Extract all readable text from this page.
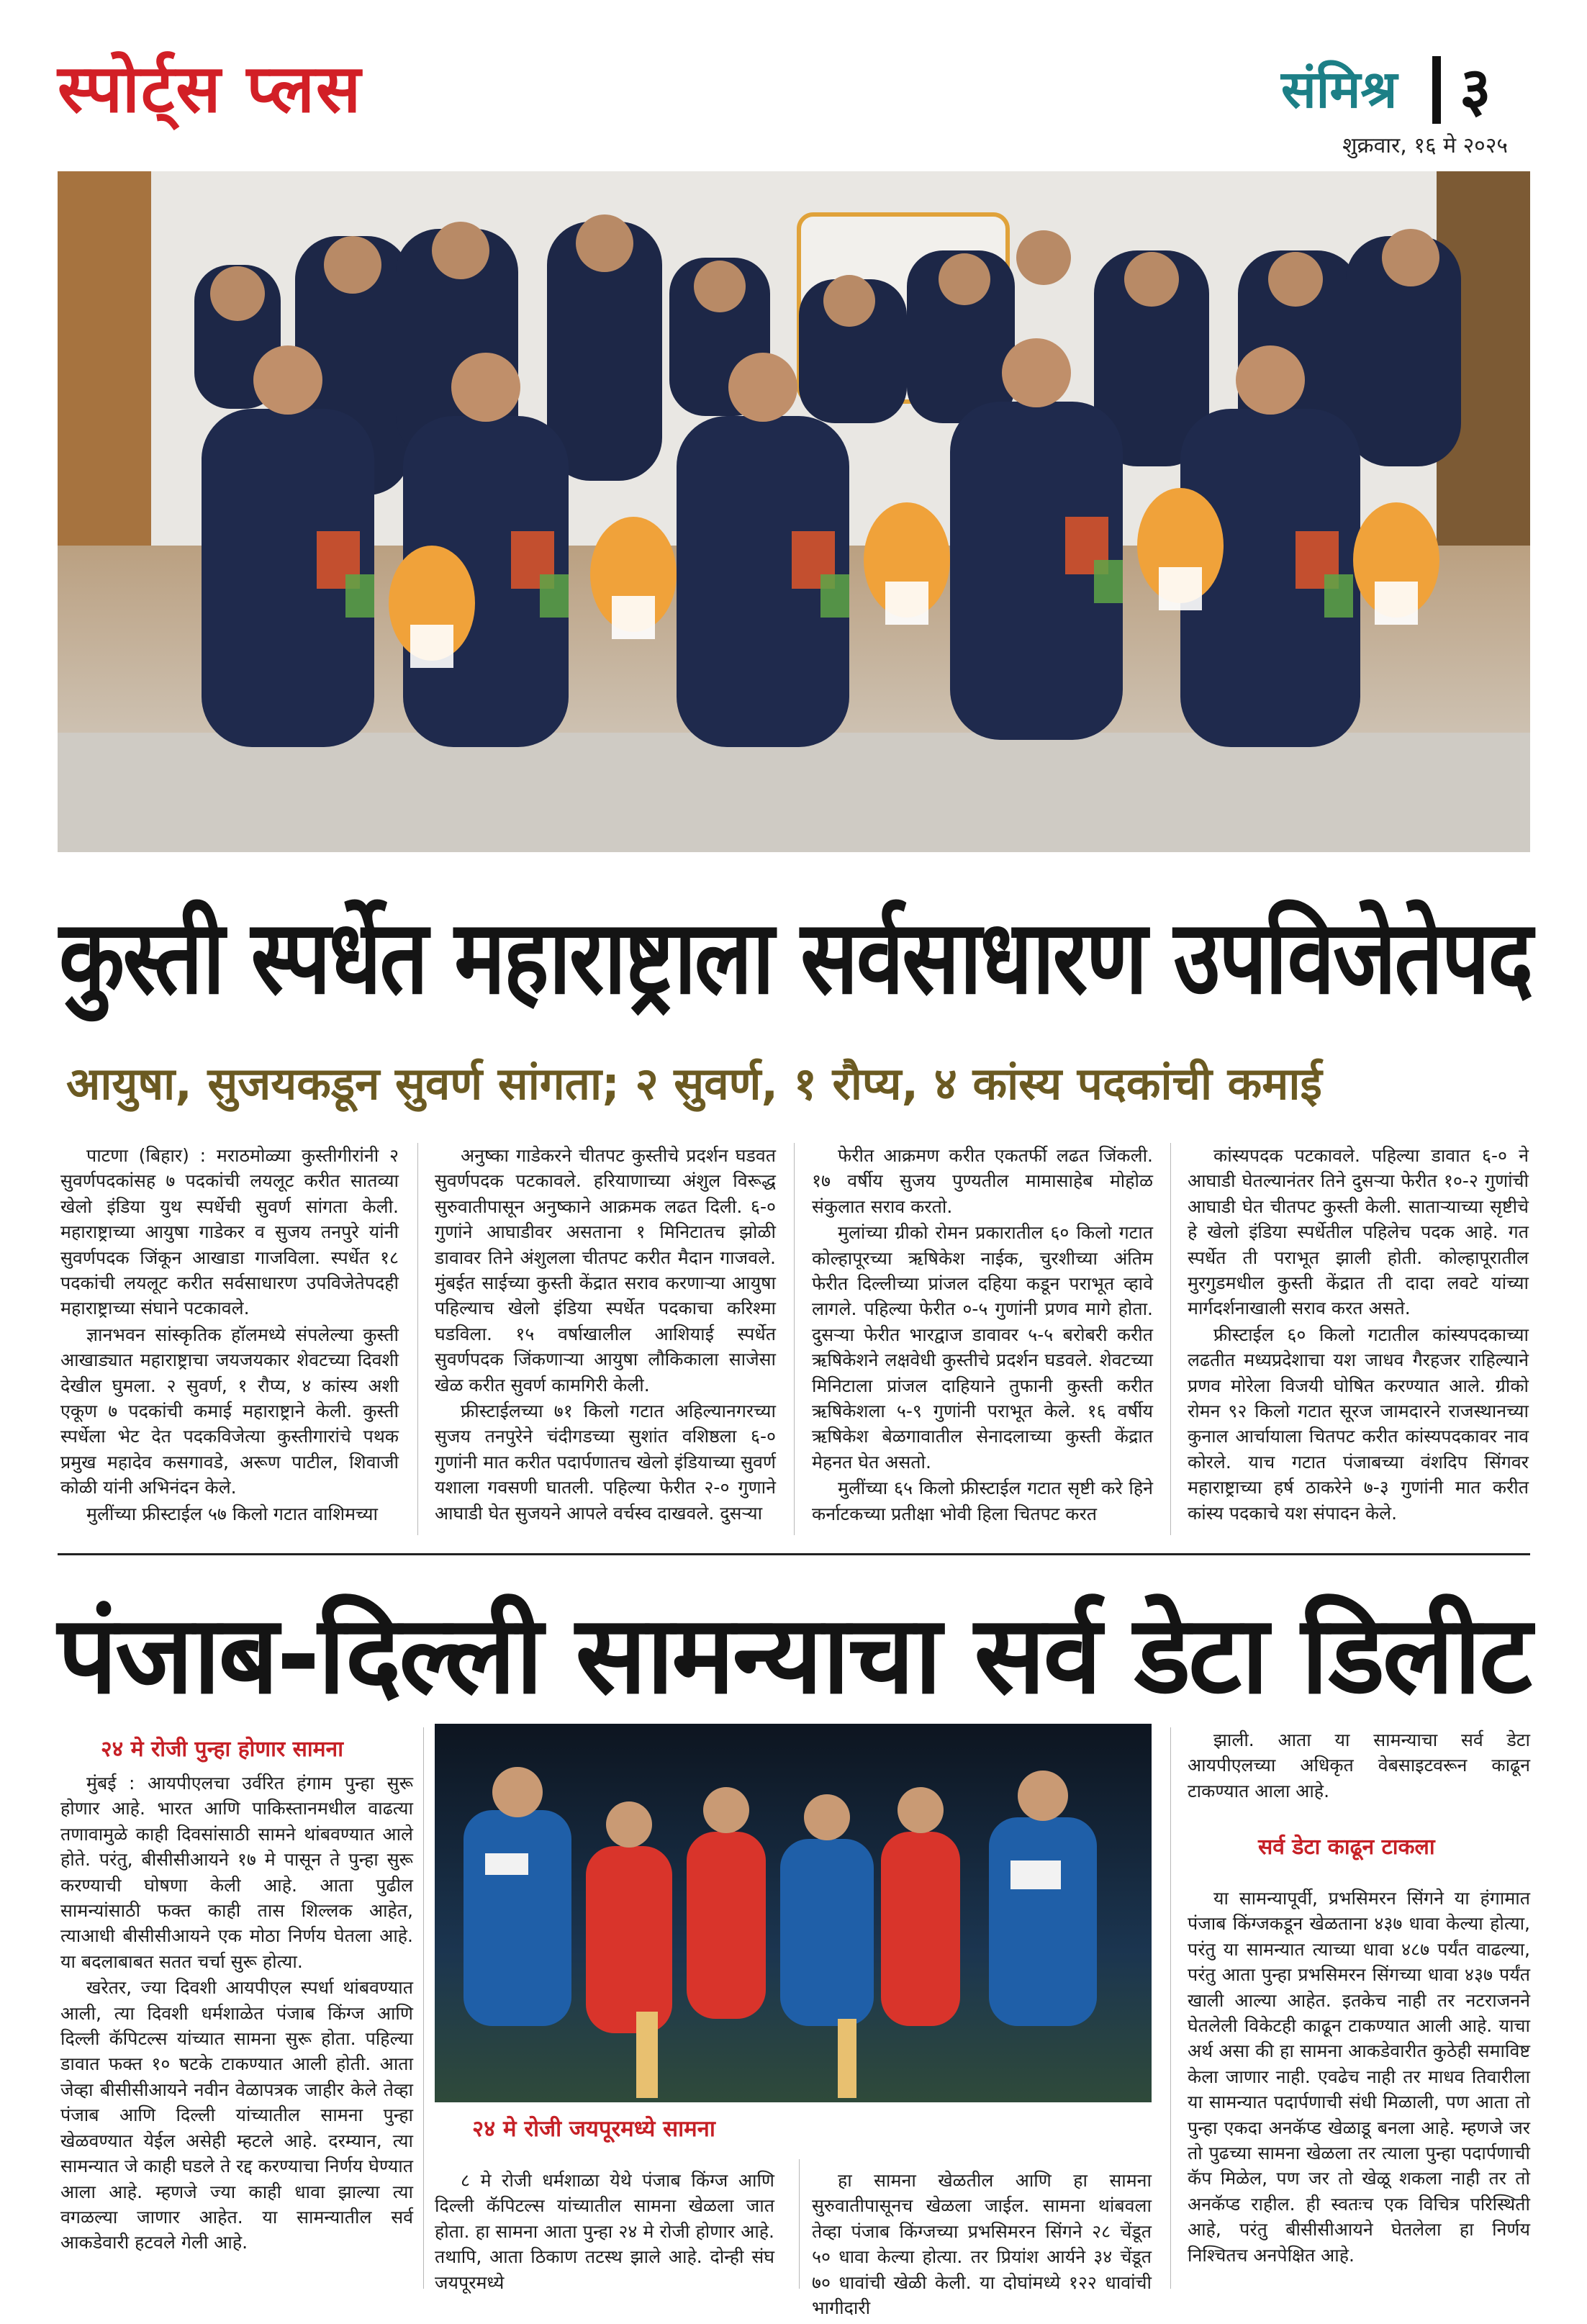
स्पोर्ट्स प्लस	संमिश्र ३
शुक्रवार, १६ मे २०२५
कुस्ती स्पर्धेत महाराष्ट्राला सर्वसाधारण उपविजेतेपद
आयुषा, सुजयकडून सुवर्ण सांगता; २ सुवर्ण, १ रौप्य, ४ कांस्य पदकांची कमाई

पाटणा (बिहार) : मराठमोळ्या कुस्तीगीरांनी २ सुवर्णपदकांसह ७ पदकांची लयलूट करीत सातव्या खेलो इंडिया युथ स्पर्धेची सुवर्ण सांगता केली. महाराष्ट्राच्या आयुषा गाडेकर व सुजय तनपुरे यांनी सुवर्णपदक जिंकून आखाडा गाजविला. स्पर्धेत १८ पदकांची लयलूट करीत सर्वसाधारण उपविजेतेपदही महाराष्ट्राच्या संघाने पटकावले.

ज्ञानभवन सांस्कृतिक हॉलमध्ये संपलेल्या कुस्ती आखाड्यात महाराष्ट्राचा जयजयकार शेवटच्या दिवशी देखील घुमला. २ सुवर्ण, १ रौप्य, ४ कांस्य अशी एकूण ७ पदकांची कमाई महाराष्ट्राने केली. कुस्ती स्पर्धेला भेट देत पदकविजेत्या कुस्तीगारांचे पथक प्रमुख महादेव कसगावडे, अरूण पाटील, शिवाजी कोळी यांनी अभिनंदन केले.

मुलींच्या फ्रीस्टाईल ५७ किलो गटात वाशिमच्या

अनुष्का गाडेकरने चीतपट कुस्तीचे प्रदर्शन घडवत सुवर्णपदक पटकावले. हरियाणाच्या अंशुल विरूद्ध सुरुवातीपासून अनुष्काने आक्रमक लढत दिली. ६-० गुणांने आघाडीवर असताना १ मिनिटातच झोळी डावावर तिने अंशुलला चीतपट करीत मैदान गाजवले. मुंबईत साईच्या कुस्ती केंद्रात सराव करणाऱ्या आयुषा पहिल्याच खेलो इंडिया स्पर्धेत पदकाचा करिश्मा घडविला. १५ वर्षाखालील आशियाई स्पर्धेत सुवर्णपदक जिंकणाऱ्या आयुषा लौकिकाला साजेसा खेळ करीत सुवर्ण कामगिरी केली.

फ्रीस्टाईलच्या ७१ किलो गटात अहिल्यानगरच्या सुजय तनपुरेने चंदीगडच्या सुशांत वशिष्ठला ६-० गुणांनी मात करीत पदार्पणातच खेलो इंडियाच्या सुवर्ण यशाला गवसणी घातली. पहिल्या फेरीत २-० गुणाने आघाडी घेत सुजयने आपले वर्चस्व दाखवले. दुसऱ्या

फेरीत आक्रमण करीत एकतर्फी लढत जिंकली. १७ वर्षीय सुजय पुण्यतील मामासाहेब मोहोळ संकुलात सराव करतो.

मुलांच्या ग्रीको रोमन प्रकारातील ६० किलो गटात कोल्हापूरच्या ऋषिकेश नाईक, चुरशीच्या अंतिम फेरीत दिल्लीच्या प्रांजल दहिया कडून पराभूत व्हावे लागले. पहिल्या फेरीत ०-५ गुणांनी प्रणव मागे होता. दुसऱ्या फेरीत भारद्वाज डावावर ५-५ बरोबरी करीत ऋषिकेशने लक्षवेधी कुस्तीचे प्रदर्शन घडवले. शेवटच्या मिनिटाला प्रांजल दाहियाने तुफानी कुस्ती करीत ऋषिकेशला ५-९ गुणांनी पराभूत केले. १६ वर्षीय ऋषिकेश बेळगावातील सेनादलाच्या कुस्ती केंद्रात मेहनत घेत असतो.

मुलींच्या ६५ किलो फ्रीस्टाईल गटात सृष्टी करे हिने कर्नाटकच्या प्रतीक्षा भोवी हिला चितपट करत

कांस्यपदक पटकावले. पहिल्या डावात ६-० ने आघाडी घेतल्यानंतर तिने दुसऱ्या फेरीत १०-२ गुणांची आघाडी घेत चीतपट कुस्ती केली. साताऱ्याच्या सृष्टीचे हे खेलो इंडिया स्पर्धेतील पहिलेच पदक आहे. गत स्पर्धेत ती पराभूत झाली होती. कोल्हापूरातील मुरगुडमधील कुस्ती केंद्रात ती दादा लवटे यांच्या मार्गदर्शनाखाली सराव करत असते.

फ्रीस्टाईल ६० किलो गटातील कांस्यपदकाच्या लढतीत मध्यप्रदेशाचा यश जाधव गैरहजर राहिल्याने प्रणव मोरेला विजयी घोषित करण्यात आले. ग्रीको रोमन ९२ किलो गटात सूरज जामदारने राजस्थानच्या कुनाल आर्चायाला चितपट करीत कांस्यपदकावर नाव कोरले. याच गटात पंजाबच्या वंशदिप सिंगवर महाराष्ट्राच्या हर्ष ठाकरेने ७-३ गुणांनी मात करीत कांस्य पदकाचे यश संपादन केले.

पंजाब-दिल्ली सामन्याचा सर्व डेटा डिलीट
२४ मे रोजी पुन्हा होणार सामना

मुंबई : आयपीएलचा उर्वरित हंगाम पुन्हा सुरू होणार आहे. भारत आणि पाकिस्तानमधील वाढत्या तणावामुळे काही दिवसांसाठी सामने थांबवण्यात आले होते. परंतु, बीसीसीआयने १७ मे पासून ते पुन्हा सुरू करण्याची घोषणा केली आहे. आता पुढील सामन्यांसाठी फक्त काही तास शिल्लक आहेत, त्याआधी बीसीसीआयने एक मोठा निर्णय घेतला आहे. या बदलाबाबत सतत चर्चा सुरू होत्या.

खरेतर, ज्या दिवशी आयपीएल स्पर्धा थांबवण्यात आली, त्या दिवशी धर्मशाळेत पंजाब किंग्ज आणि दिल्ली कॅपिटल्स यांच्यात सामना सुरू होता. पहिल्या डावात फक्त १० षटके टाकण्यात आली होती. आता जेव्हा बीसीसीआयने नवीन वेळापत्रक जाहीर केले तेव्हा पंजाब आणि दिल्ली यांच्यातील सामना पुन्हा खेळवण्यात येईल असेही म्हटले आहे. दरम्यान, त्या सामन्यात जे काही घडले ते रद्द करण्याचा निर्णय घेण्यात आला आहे. म्हणजे ज्या काही धावा झाल्या त्या वगळल्या जाणार आहेत. या सामन्यातील सर्व आकडेवारी हटवले गेली आहे.

२४ मे रोजी जयपूरमध्ये सामना

८ मे रोजी धर्मशाळा येथे पंजाब किंग्ज आणि दिल्ली कॅपिटल्स यांच्यातील सामना खेळला जात होता. हा सामना आता पुन्हा २४ मे रोजी होणार आहे. तथापि, आता ठिकाण तटस्थ झाले आहे. दोन्ही संघ जयपूरमध्ये

हा सामना खेळतील आणि हा सामना सुरुवातीपासूनच खेळला जाईल. सामना थांबवला तेव्हा पंजाब किंग्जच्या प्रभसिमरन सिंगने २८ चेंडूत ५० धावा केल्या होत्या. तर प्रियांश आर्यने ३४ चेंडूत ७० धावांची खेळी केली. या दोघांमध्ये १२२ धावांची भागीदारी

झाली. आता या सामन्याचा सर्व डेटा आयपीएलच्या अधिकृत वेबसाइटवरून काढून टाकण्यात आला आहे.

सर्व डेटा काढून टाकला

या सामन्यापूर्वी, प्रभसिमरन सिंगने या हंगामात पंजाब किंग्जकडून खेळताना ४३७ धावा केल्या होत्या, परंतु या सामन्यात त्याच्या धावा ४८७ पर्यंत वाढल्या, परंतु आता पुन्हा प्रभसिमरन सिंगच्या धावा ४३७ पर्यंत खाली आल्या आहेत. इतकेच नाही तर नटराजनने घेतलेली विकेटही काढून टाकण्यात आली आहे. याचा अर्थ असा की हा सामना आकडेवारीत कुठेही समाविष्ट केला जाणार नाही. एवढेच नाही तर माधव तिवारीला या सामन्यात पदार्पणाची संधी मिळाली, पण आता तो पुन्हा एकदा अनकॅप्ड खेळाडू बनला आहे. म्हणजे जर तो पुढच्या सामना खेळला तर त्याला पुन्हा पदार्पणाची कॅप मिळेल, पण जर तो खेळू शकला नाही तर तो अनकॅप्ड राहील. ही स्वतःच एक विचित्र परिस्थिती आहे, परंतु बीसीसीआयने घेतलेला हा निर्णय निश्चितच अनपेक्षित आहे.
